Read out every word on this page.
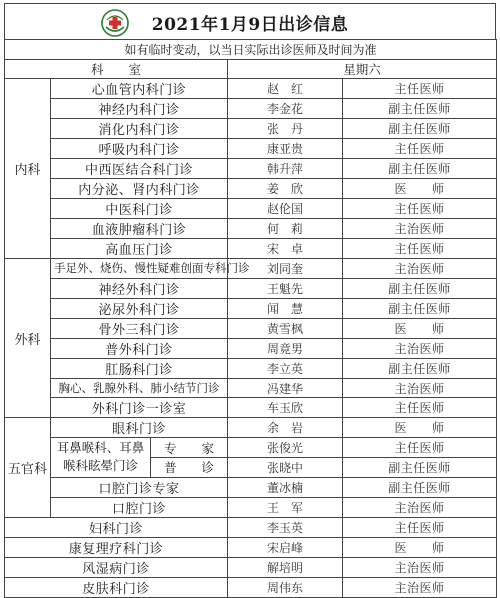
2021年1月9日出诊信息
如有临时变动，以当日实际出诊医师及时间为准				
科　　室			星期六	
内科	心血管内科门诊		赵　红	主任医师
	神经内科门诊		李金花	副主任医师
	消化内科门诊		张　丹	副主任医师
	呼吸内科门诊		康亚贵	主任医师
	中西医结合科门诊		韩升萍	副主任医师
	内分泌、肾内科门诊		姜　欣	医　　师
	中医科门诊		赵伦国	主任医师
	血液肿瘤科门诊		何　莉	主治医师
	高血压门诊		宋　卓	主任医师
外科	手足外、烧伤、慢性疑难创面专科门诊		刘同奎	主治医师
	神经外科门诊		王魁先	副主任医师
	泌尿外科门诊		闻　慧	副主任医师
	骨外三科门诊		黄雪枫	医　　师
	普外科门诊		周竟男	主治医师
	肛肠科门诊		李立英	副主任医师
	胸心、乳腺外科、肺小结节门诊		冯建华	主治医师
	外科门诊一诊室		车玉欣	主任医师
五官科	眼科门诊		余　岩	医　　师
	耳鼻喉科、耳鼻喉科眩晕门诊	专　　家	张俊光	主任医师
		普　　诊	张晓中	副主任医师
	口腔门诊专家		董冰楠	副主任医师
	口腔门诊		王　军	主治医师
妇科门诊			李玉英	主任医师
康复理疗科门诊			宋启峰	医　　师
风湿病门诊			解培明	主治医师
皮肤科门诊			周伟东	主治医师
